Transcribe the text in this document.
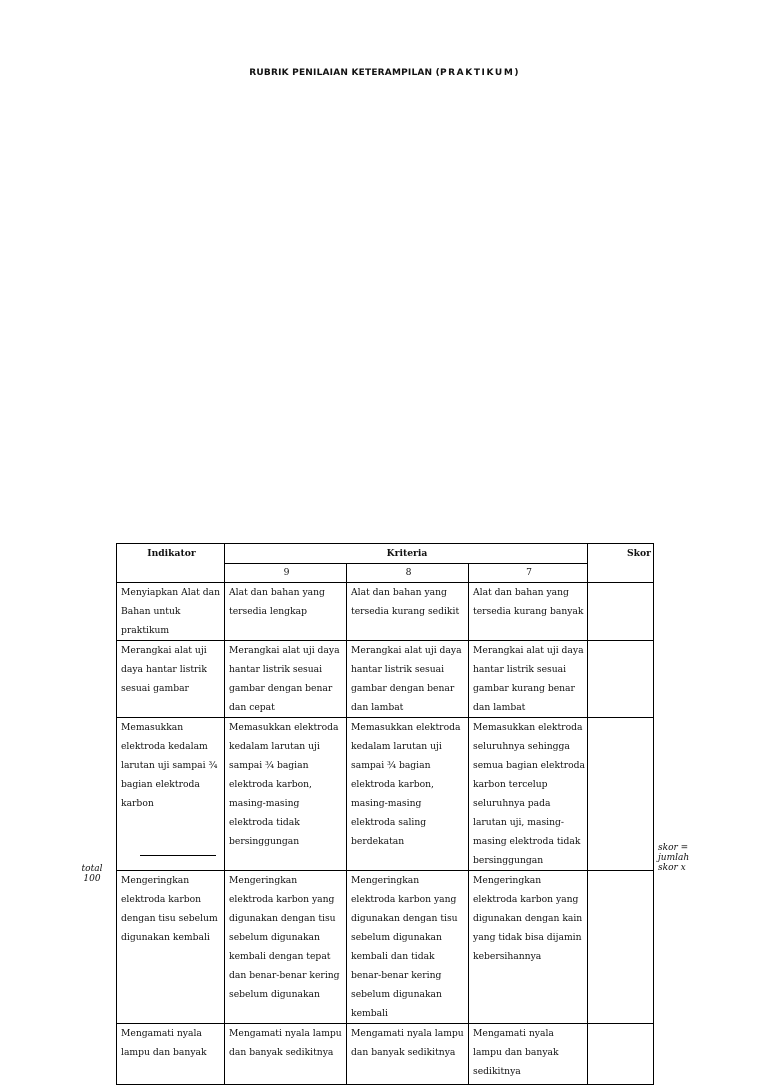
RUBRIK PENILAIAN KETERAMPILAN (PRAKTIKUM)
Indikator	Kriteria			Skor
	9	8	7	
Menyiapkan Alat dan Bahan untuk praktikum	Alat dan bahan yang tersedia lengkap	Alat dan bahan yang tersedia kurang sedikit	Alat dan bahan yang tersedia kurang banyak	
Merangkai alat uji daya hantar listrik sesuai gambar	Merangkai alat uji daya hantar listrik sesuai gambar dengan benar dan cepat	Merangkai alat uji daya hantar listrik sesuai gambar dengan benar dan lambat	Merangkai alat uji daya hantar listrik sesuai gambar kurang benar dan lambat	
Memasukkan elektroda kedalam larutan uji sampai ¾ bagian elektroda karbon	Memasukkan elektroda kedalam larutan uji sampai ¾ bagian elektroda karbon, masing-masing elektroda tidak bersinggungan	Memasukkan elektroda kedalam larutan uji sampai ¾ bagian elektroda karbon, masing-masing elektroda saling berdekatan	Memasukkan elektroda seluruhnya sehingga semua bagian elektroda karbon tercelup seluruhnya pada larutan uji, masing-masing elektroda tidak bersinggungan	
Mengeringkan elektroda karbon dengan tisu sebelum digunakan kembali	Mengeringkan elektroda karbon yang digunakan dengan tisu sebelum digunakan kembali dengan tepat dan benar-benar kering sebelum digunakan	Mengeringkan elektroda karbon yang digunakan dengan tisu sebelum digunakan kembali dan tidak benar-benar kering sebelum digunakan kembali	Mengeringkan elektroda karbon yang digunakan dengan kain yang tidak bisa dijamin kebersihannya	
Mengamati nyala lampu dan banyak	Mengamati nyala lampu dan banyak sedikitnya	Mengamati nyala lampu dan banyak sedikitnya	Mengamati nyala lampu dan banyak sedikitnya	
total 100
skor = jumlah skor x
